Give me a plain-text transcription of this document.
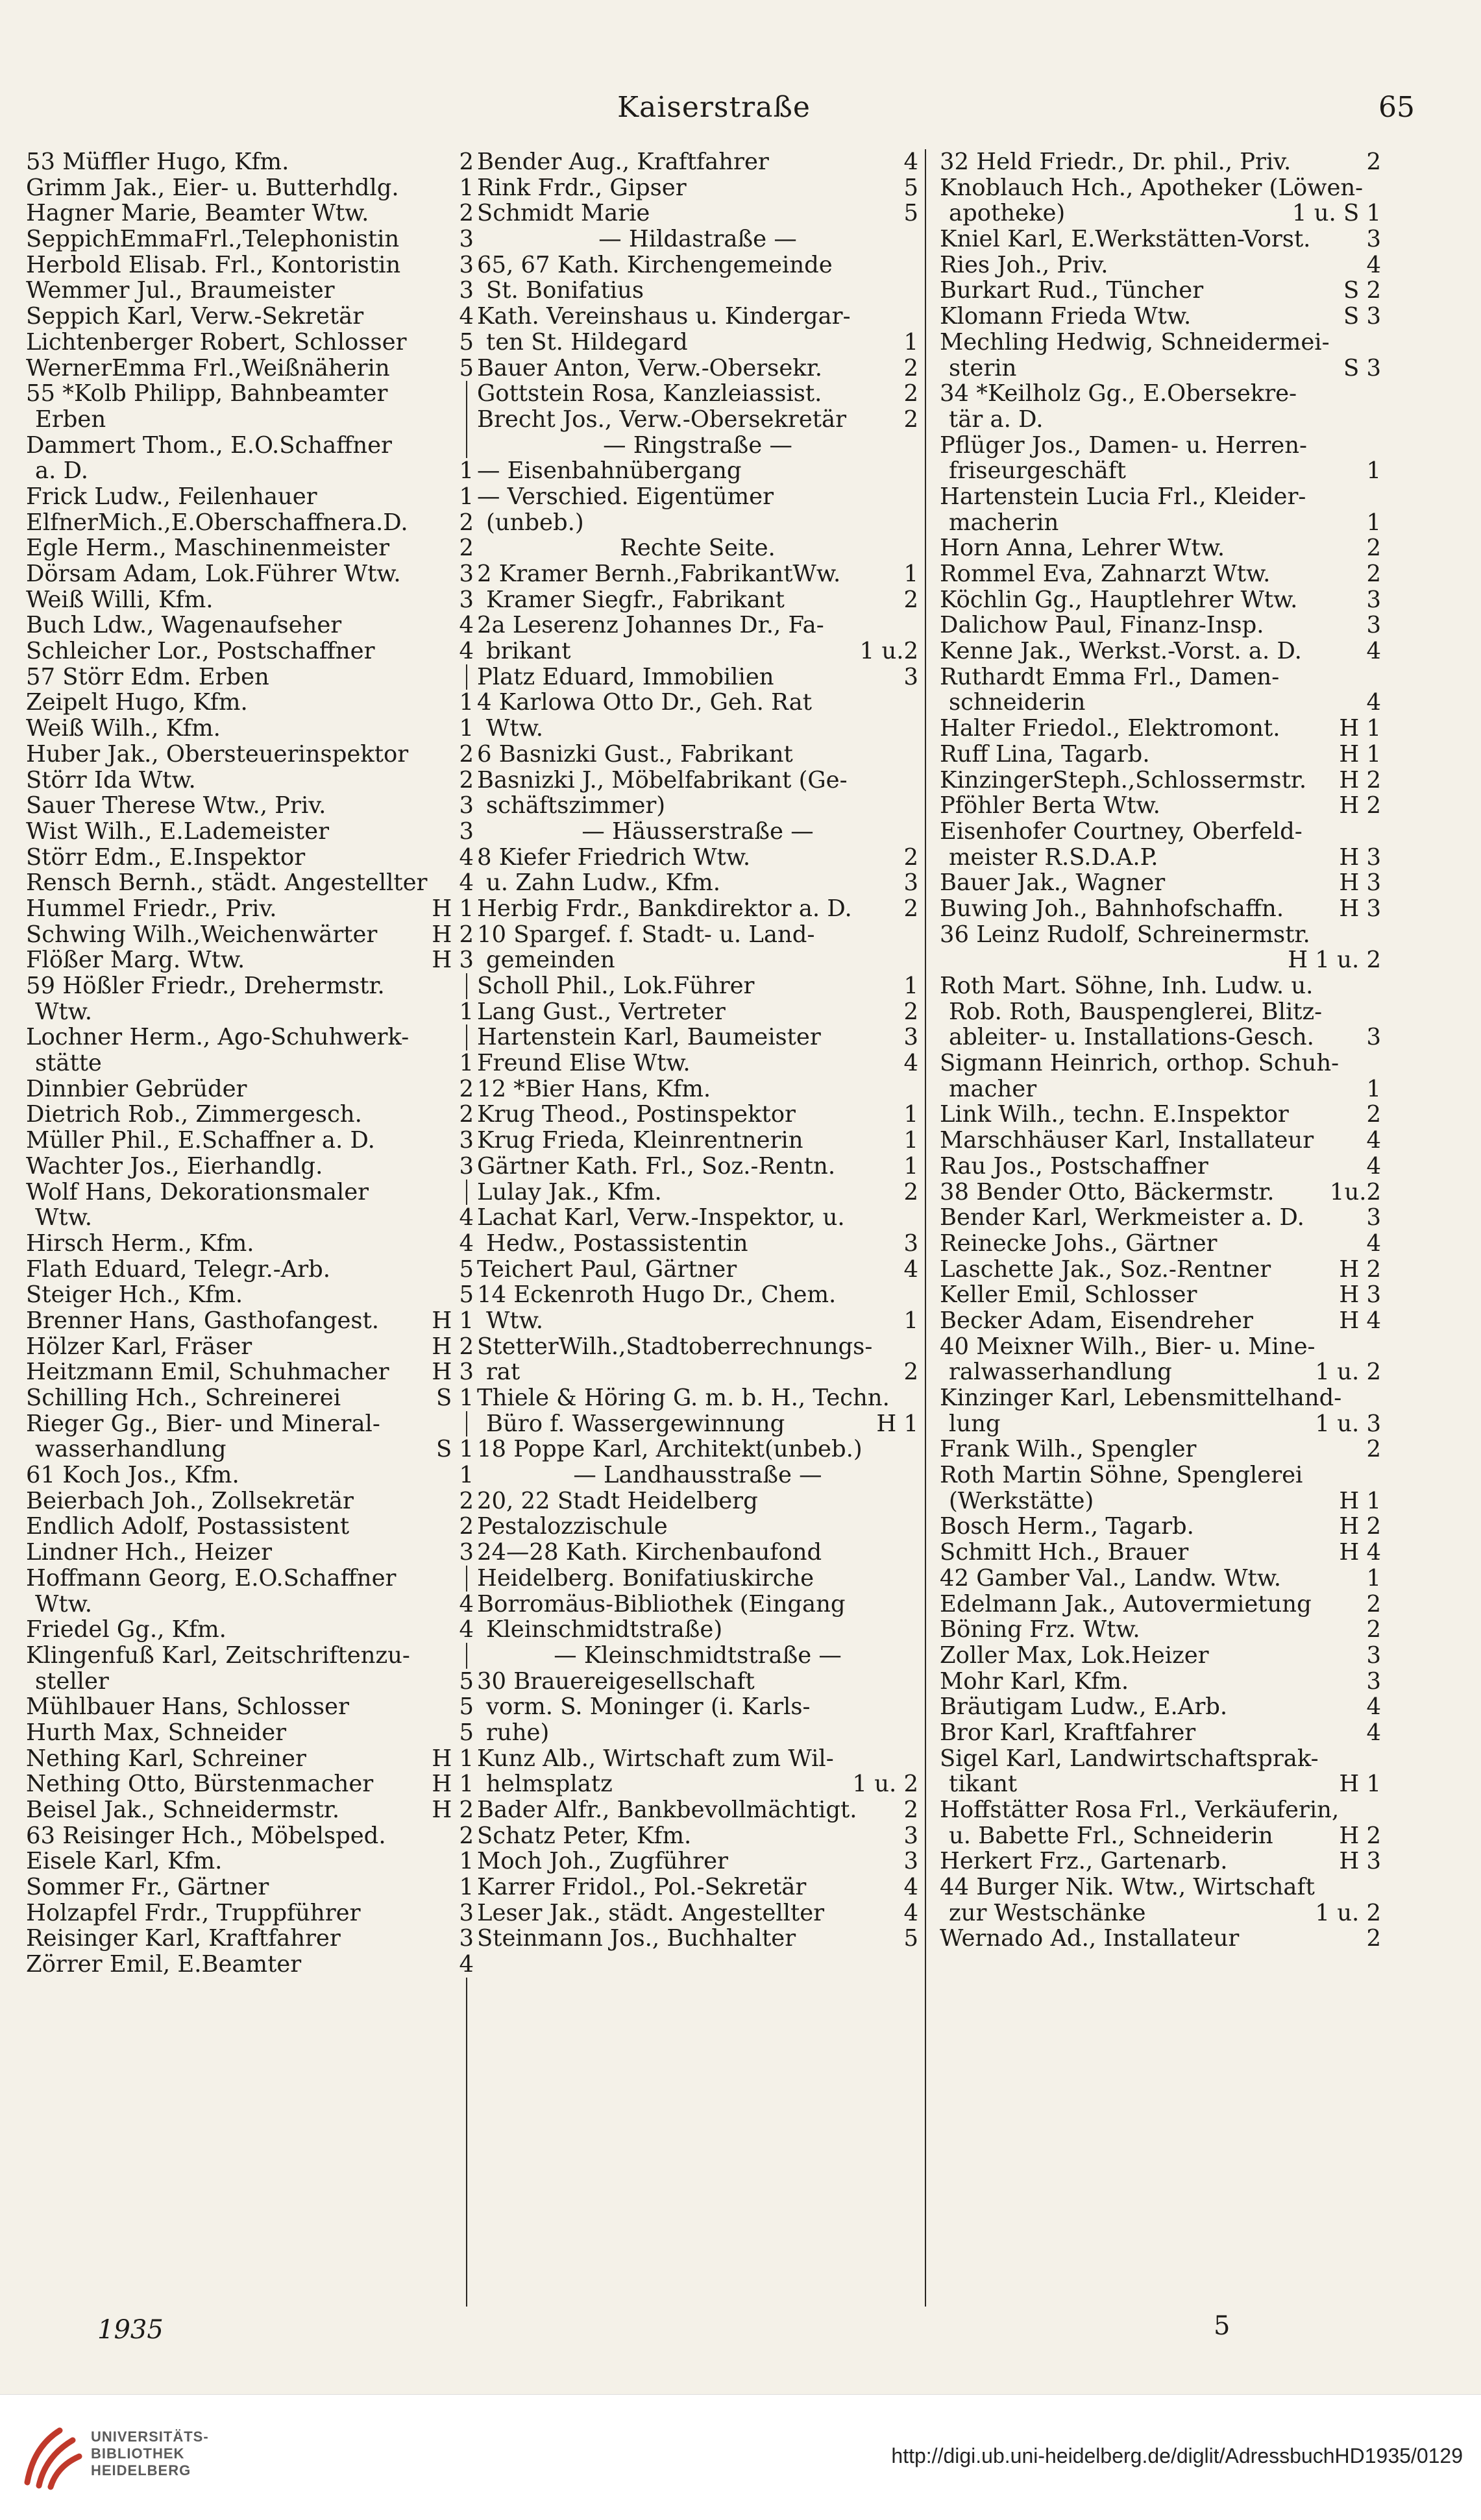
Kaiserstraße	65
53 Müffler Hugo, Kfm.	2
Grimm Jak., Eier- u. Butterhdlg.	1
Hagner Marie, Beamter Wtw.	2
SeppichEmmaFrl.,Telephonistin	3
Herbold Elisab. Frl., Kontoristin	3
Wemmer Jul., Braumeister	3
Seppich Karl, Verw.-Sekretär	4
Lichtenberger Robert, Schlosser 5
WernerEmma Frl.,Weißnäherin	5
55 *Kolb Philipp, Bahnbeamter
Erben
Dammert Thom., E.O.Schaffner
a. D.	1
Frick Ludw., Feilenhauer	1
ElfnerMich.,E.Oberschaffnera.D. 2
Egle Herm., Maschinenmeister	2
Dörsam Adam, Lok.Führer Wtw.	3
Weiß Willi, Kfm.	3
Buch Ldw., Wagenaufseher	4
Schleicher Lor., Postschaffner	4
57 Störr Edm. Erben
Zeipelt Hugo, Kfm.	1
Weiß Wilh., Kfm.	1
Huber Jak., Obersteuerinspektor 2
Störr Ida Wtw.	2
Sauer Therese Wtw., Priv.	3
Wist Wilh., E.Lademeister	3
Störr Edm., E.Inspektor	4
Rensch Bernh., städt. Angestellter 4
Hummel Friedr., Priv.	H 1
Schwing Wilh.,Weichenwärter H 2
Flößer Marg. Wtw.	H 3
59 Hößler Friedr., Drehermstr.
Wtw.	1
Lochner Herm., Ago-Schuhwerk-
stätte	1
Dinnbier Gebrüder	2
Dietrich Rob., Zimmergesch.	2
Müller Phil., E.Schaffner a. D.	3
Wachter Jos., Eierhandlg.	3
Wolf Hans, Dekorationsmaler
Wtw.	4
Hirsch Herm., Kfm.	4
Flath Eduard, Telegr.-Arb.	5
Steiger Hch., Kfm.	5
Brenner Hans, Gasthofangest. H 1
Hölzer Karl, Fräser	H 2
Heitzmann Emil, Schuhmacher H 3
Schilling Hch., Schreinerei	S 1
Rieger Gg., Bier- und Mineral-
wasserhandlung	S 1
61 Koch Jos., Kfm.	1
Beierbach Joh., Zollsekretär	2
Endlich Adolf, Postassistent	2
Lindner Hch., Heizer	3
Hoffmann Georg, E.O.Schaffner
Wtw.	4
Friedel Gg., Kfm.	4
Klingenfuß Karl, Zeitschriftenzu-
steller	5
Mühlbauer Hans, Schlosser	5
Hurth Max, Schneider	5
Nething Karl, Schreiner	H 1
Nething Otto, Bürstenmacher	H 1
Beisel Jak., Schneidermstr.	H 2
63 Reisinger Hch., Möbelsped.	2
Eisele Karl, Kfm.	1
Sommer Fr., Gärtner	1
Holzapfel Frdr., Truppführer	3
Reisinger Karl, Kraftfahrer	3
Zörrer Emil, E.Beamter	4
Bender Aug., Kraftfahrer	4
Rink Frdr., Gipser	5
Schmidt Marie	5
— Hildastraße —
65, 67 Kath. Kirchengemeinde
St. Bonifatius
Kath. Vereinshaus u. Kindergar-
ten St. Hildegard	1
Bauer Anton, Verw.-Obersekr.	2
Gottstein Rosa, Kanzleiassist.	2
Brecht Jos., Verw.-Obersekretär 2
— Ringstraße —
— Eisenbahnübergang
— Verschied. Eigentümer
(unbeb.)
Rechte Seite.
2 Kramer Bernh.,FabrikantWw.	1
Kramer Siegfr., Fabrikant	2
2a Leserenz Johannes Dr., Fa-
brikant	1 u.2
Platz Eduard, Immobilien	3
4 Karlowa Otto Dr., Geh. Rat
Wtw.
6 Basnizki Gust., Fabrikant
Basnizki J., Möbelfabrikant (Ge-
schäftszimmer)
— Häusserstraße —
8 Kiefer Friedrich Wtw.	2
u. Zahn Ludw., Kfm.	3
Herbig Frdr., Bankdirektor a. D. 2
10 Spargef. f. Stadt- u. Land-
gemeinden
Scholl Phil., Lok.Führer	1
Lang Gust., Vertreter	2
Hartenstein Karl, Baumeister	3
Freund Elise Wtw.	4
12 *Bier Hans, Kfm.
Krug Theod., Postinspektor	1
Krug Frieda, Kleinrentnerin	1
Gärtner Kath. Frl., Soz.-Rentn.	1
Lulay Jak., Kfm.	2
Lachat Karl, Verw.-Inspektor, u.
Hedw., Postassistentin	3
Teichert Paul, Gärtner	4
14 Eckenroth Hugo Dr., Chem.
Wtw.	1
StetterWilh.,Stadtoberrechnungs-
rat	2
Thiele & Höring G. m. b. H., Techn.
Büro f. Wassergewinnung	H 1
18 Poppe Karl, Architekt(unbeb.)
— Landhausstraße —
20, 22 Stadt Heidelberg
Pestalozzischule
24—28 Kath. Kirchenbaufond
Heidelberg. Bonifatiuskirche
Borromäus-Bibliothek (Eingang
Kleinschmidtstraße)
— Kleinschmidtstraße —
30 Brauereigesellschaft
vorm. S. Moninger (i. Karls-
ruhe)
Kunz Alb., Wirtschaft zum Wil-
helmsplatz	1 u. 2
Bader Alfr., Bankbevollmächtigt. 2
Schatz Peter, Kfm.	3
Moch Joh., Zugführer	3
Karrer Fridol., Pol.-Sekretär	4
Leser Jak., städt. Angestellter	4
Steinmann Jos., Buchhalter	5
32 Held Friedr., Dr. phil., Priv.	2
Knoblauch Hch., Apotheker (Löwen-
apotheke)	1 u. S 1
Kniel Karl, E.Werkstätten-Vorst. 3
Ries Joh., Priv.	4
Burkart Rud., Tüncher	S 2
Klomann Frieda Wtw.	S 3
Mechling Hedwig, Schneidermei-
sterin	S 3
34 *Keilholz Gg., E.Obersekre-
tär a. D.
Pflüger Jos., Damen- u. Herren-
friseurgeschäft	1
Hartenstein Lucia Frl., Kleider-
macherin	1
Horn Anna, Lehrer Wtw.	2
Rommel Eva, Zahnarzt Wtw.	2
Köchlin Gg., Hauptlehrer Wtw.	3
Dalichow Paul, Finanz-Insp.	3
Kenne Jak., Werkst.-Vorst. a. D.	4
Ruthardt Emma Frl., Damen-
schneiderin	4
Halter Friedol., Elektromont.	H 1
Ruff Lina, Tagarb.	H 1
KinzingerSteph.,Schlossermstr. H 2
Pföhler Berta Wtw.	H 2
Eisenhofer Courtney, Oberfeld-
meister R.S.D.A.P.	H 3
Bauer Jak., Wagner	H 3
Buwing Joh., Bahnhofschaffn. H 3
36 Leinz Rudolf, Schreinermstr.
H 1 u. 2
Roth Mart. Söhne, Inh. Ludw. u.
Rob. Roth, Bauspenglerei, Blitz-
ableiter- u. Installations-Gesch. 3
Sigmann Heinrich, orthop. Schuh-
macher	1
Link Wilh., techn. E.Inspektor	2
Marschhäuser Karl, Installateur 4
Rau Jos., Postschaffner	4
38 Bender Otto, Bäckermstr. 1u.2
Bender Karl, Werkmeister a. D.	3
Reinecke Johs., Gärtner	4
Laschette Jak., Soz.-Rentner	H 2
Keller Emil, Schlosser	H 3
Becker Adam, Eisendreher	H 4
40 Meixner Wilh., Bier- u. Mine-
ralwasserhandlung	1 u. 2
Kinzinger Karl, Lebensmittelhand-
lung	1 u. 3
Frank Wilh., Spengler	2
Roth Martin Söhne, Spenglerei
(Werkstätte)	H 1
Bosch Herm., Tagarb.	H 2
Schmitt Hch., Brauer	H 4
42 Gamber Val., Landw. Wtw.	1
Edelmann Jak., Autovermietung 2
Böning Frz. Wtw.	2
Zoller Max, Lok.Heizer	3
Mohr Karl, Kfm.	3
Bräutigam Ludw., E.Arb.	4
Bror Karl, Kraftfahrer	4
Sigel Karl, Landwirtschaftsprak-
tikant	H 1
Hoffstätter Rosa Frl., Verkäuferin,
u. Babette Frl., Schneiderin	H 2
Herkert Frz., Gartenarb.	H 3
44 Burger Nik. Wtw., Wirtschaft
zur Westschänke	1 u. 2
Wernado Ad., Installateur	2
1935	5
UNIVERSITÄTS-
BIBLIOTHEK
HEIDELBERG
http://digi.ub.uni-heidelberg.de/diglit/AdressbuchHD1935/0129
